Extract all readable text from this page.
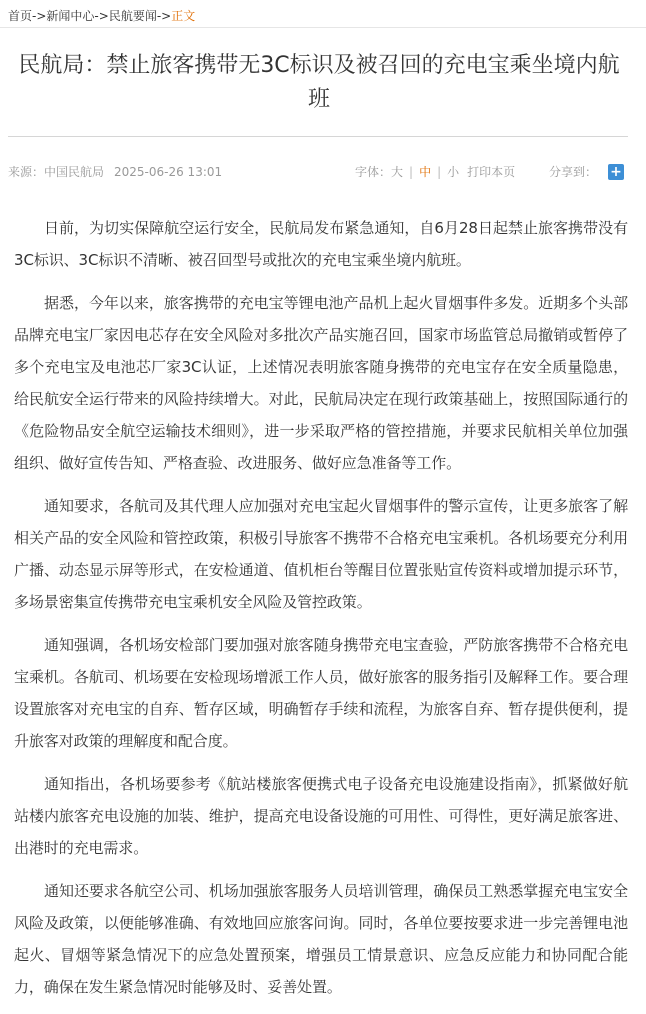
首页->新闻中心->民航要闻->正文
民航局：禁止旅客携带无3C标识及被召回的充电宝乘坐境内航班
来源：中国民航局 2025-06-26 13:01	字体：大 | 中 | 小 打印本页	分享到： +

日前，为切实保障航空运行安全，民航局发布紧急通知，自6月28日起禁止旅客携带没有3C标识、3C标识不清晰、被召回型号或批次的充电宝乘坐境内航班。

据悉，今年以来，旅客携带的充电宝等锂电池产品机上起火冒烟事件多发。近期多个头部品牌充电宝厂家因电芯存在安全风险对多批次产品实施召回，国家市场监管总局撤销或暂停了多个充电宝及电池芯厂家3C认证，上述情况表明旅客随身携带的充电宝存在安全质量隐患，给民航安全运行带来的风险持续增大。对此，民航局决定在现行政策基础上，按照国际通行的《危险物品安全航空运输技术细则》，进一步采取严格的管控措施，并要求民航相关单位加强组织、做好宣传告知、严格查验、改进服务、做好应急准备等工作。

通知要求，各航司及其代理人应加强对充电宝起火冒烟事件的警示宣传，让更多旅客了解相关产品的安全风险和管控政策，积极引导旅客不携带不合格充电宝乘机。各机场要充分利用广播、动态显示屏等形式，在安检通道、值机柜台等醒目位置张贴宣传资料或增加提示环节，多场景密集宣传携带充电宝乘机安全风险及管控政策。

通知强调，各机场安检部门要加强对旅客随身携带充电宝查验，严防旅客携带不合格充电宝乘机。各航司、机场要在安检现场增派工作人员，做好旅客的服务指引及解释工作。要合理设置旅客对充电宝的自弃、暂存区域，明确暂存手续和流程，为旅客自弃、暂存提供便利，提升旅客对政策的理解度和配合度。

通知指出，各机场要参考《航站楼旅客便携式电子设备充电设施建设指南》，抓紧做好航站楼内旅客充电设施的加装、维护，提高充电设备设施的可用性、可得性，更好满足旅客进、出港时的充电需求。

通知还要求各航空公司、机场加强旅客服务人员培训管理，确保员工熟悉掌握充电宝安全风险及政策，以便能够准确、有效地回应旅客问询。同时，各单位要按要求进一步完善锂电池起火、冒烟等紧急情况下的应急处置预案，增强员工情景意识、应急反应能力和协同配合能力，确保在发生紧急情况时能够及时、妥善处置。
